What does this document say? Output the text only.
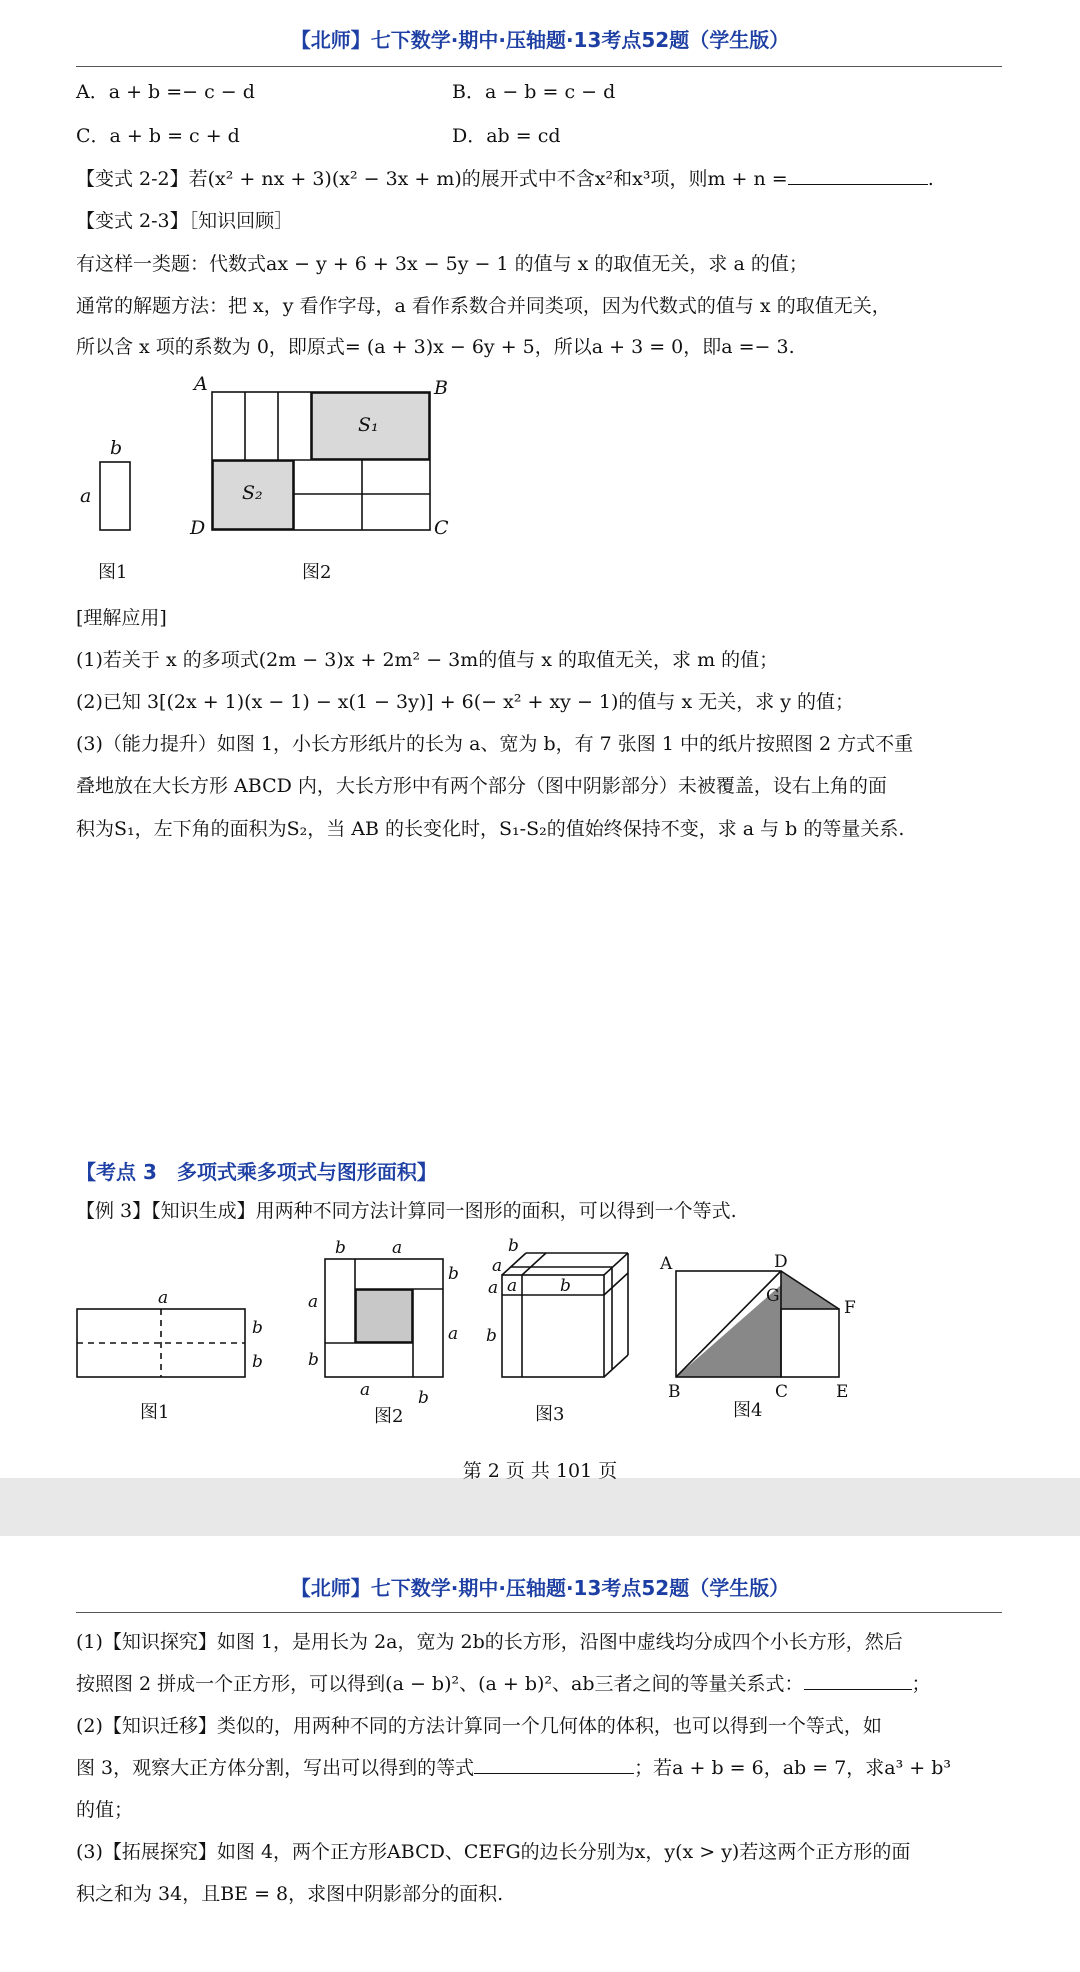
【北师】七下数学·期中·压轴题·13考点52题（学生版）
A．a + b =− c − d	B．a − b = c − d
C．a + b = c + d	D．ab = cd
【变式 2-2】若(x² + nx + 3)(x² − 3x + m)的展开式中不含x²和x³项，则m + n =	.
【变式 2-3】［知识回顾］
有这样一类题：代数式ax − y + 6 + 3x − 5y − 1 的值与 x 的取值无关，求 a 的值；
通常的解题方法：把 x，y 看作字母，a 看作系数合并同类项，因为代数式的值与 x 的取值无关，
所以含 x 项的系数为 0，即原式= (a + 3)x − 6y + 5，所以a + 3 = 0，即a =− 3.
b
a
A	B
C
D
S₁
S₂
图1	图2
[理解应用]
(1)若关于 x 的多项式(2m − 3)x + 2m² − 3m的值与 x 的取值无关，求 m 的值；
(2)已知 3[(2x + 1)(x − 1) − x(1 − 3y)] + 6(− x² + xy − 1)的值与 x 无关，求 y 的值；
(3)（能力提升）如图 1，小长方形纸片的长为 a、宽为 b，有 7 张图 1 中的纸片按照图 2 方式不重
叠地放在大长方形 ABCD 内，大长方形中有两个部分（图中阴影部分）未被覆盖，设右上角的面
积为S₁，左下角的面积为S₂，当 AB 的长变化时，S₁-S₂的值始终保持不变，求 a 与 b 的等量关系.
【考点 3　多项式乘多项式与图形面积】
【例 3】【知识生成】用两种不同方法计算同一图形的面积，可以得到一个等式.
a
b
b
b	a
b
a
a
b
a	b
b
a
a a	b
b
A	D
G
F
B	C	E
图1	图2	图3	图4
第 2 页 共 101 页
【北师】七下数学·期中·压轴题·13考点52题（学生版）
(1)【知识探究】如图 1，是用长为 2a，宽为 2b的长方形，沿图中虚线均分成四个小长方形，然后
按照图 2 拼成一个正方形，可以得到(a − b)²、(a + b)²、ab三者之间的等量关系式：	；
(2)【知识迁移】类似的，用两种不同的方法计算同一个几何体的体积，也可以得到一个等式，如
图 3，观察大正方体分割，写出可以得到的等式	；若a + b = 6，ab = 7，求a³ + b³
的值；
(3)【拓展探究】如图 4，两个正方形ABCD、CEFG的边长分别为x，y(x > y)若这两个正方形的面
积之和为 34，且BE = 8，求图中阴影部分的面积.
